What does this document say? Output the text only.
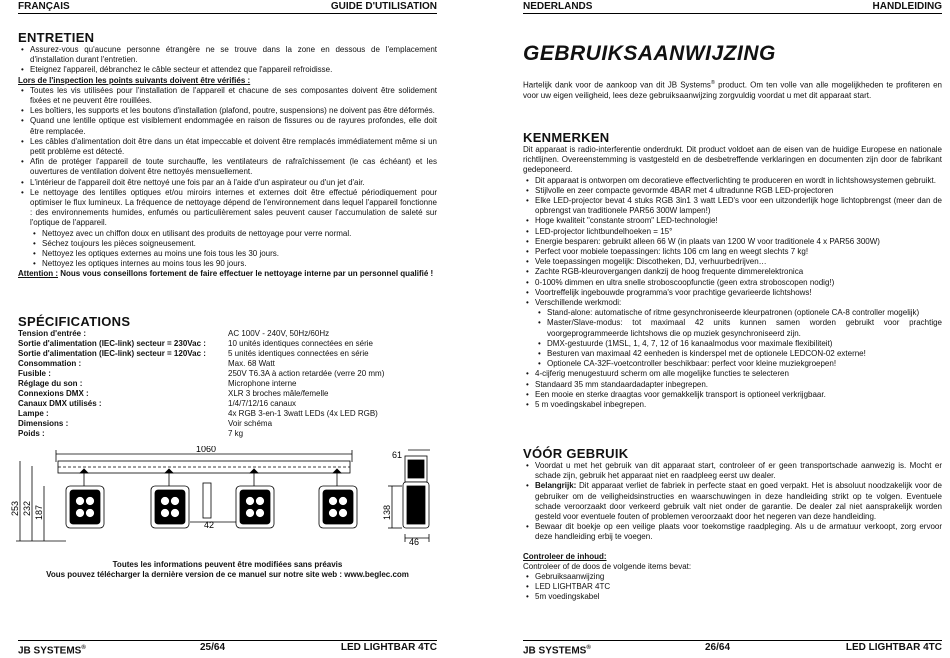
FRANÇAIS	GUIDE D'UTILISATION
ENTRETIEN
• Assurez-vous qu'aucune personne étrangère ne se trouve dans la zone en dessous de l'emplacement d'installation durant l'entretien.
• Eteignez l'appareil, débranchez le câble secteur et attendez que l'appareil refroidisse.
Lors de l'inspection les points suivants doivent être vérifiés :
• Toutes les vis utilisées pour l'installation de l'appareil et chacune de ses composantes doivent être solidement fixées et ne peuvent être rouillées.
• Les boîtiers, les supports et les boutons d'installation (plafond, poutre, suspensions) ne doivent pas être déformés.
• Quand une lentille optique est visiblement endommagée en raison de fissures ou de rayures profondes, elle doit être remplacée.
• Les câbles d'alimentation doit être dans un état impeccable et doivent être remplacés immédiatement même si un petit problème est détecté.
• Afin de protéger l'appareil de toute surchauffe, les ventilateurs de rafraîchissement (le cas échéant) et les ouvertures de ventilation doivent être nettoyés mensuellement.
• L'intérieur de l'appareil doit être nettoyé une fois par an à l'aide d'un aspirateur ou d'un jet d'air.
• Le nettoyage des lentilles optiques et/ou miroirs internes et externes doit être effectué périodiquement pour optimiser le flux lumineux. La fréquence de nettoyage dépend de l'environnement dans lequel l'appareil fonctionne : des environnements humides, enfumés ou particulièrement sales peuvent causer l'accumulation de saleté sur l'optique de l'appareil.
• Nettoyez avec un chiffon doux en utilisant des produits de nettoyage pour verre normal.
• Séchez toujours les pièces soigneusement.
• Nettoyez les optiques externes au moins une fois tous les 30 jours.
• Nettoyez les optiques internes au moins tous les 90 jours.

Attention : Nous vous conseillons fortement de faire effectuer le nettoyage interne par un personnel qualifié !

SPÉCIFICATIONS
Tension d'entrée :	AC 100V - 240V, 50Hz/60Hz
Sortie d'alimentation (IEC-link) secteur = 230Vac :	10 unités identiques connectées en série
Sortie d'alimentation (IEC-link) secteur = 120Vac :	5 unités identiques connectées en série
Consommation :	Max. 68 Watt
Fusible :	250V T6.3A à action retardée (verre 20 mm)
Réglage du son :	Microphone interne
Connexions DMX :	XLR 3 broches mâle/femelle
Canaux DMX utilisés :	1/4/7/12/16 canaux
Lampe :	4x RGB 3-en-1 3watt LEDs (4x LED RGB)
Dimensions :	Voir schéma
Poids :	7 kg
1060
253 232 187
42
61
138
46
Toutes les informations peuvent être modifiées sans préavis
Vous pouvez télécharger la dernière version de ce manuel sur notre site web : www.beglec.com
JB SYSTEMS®	25/64	LED LIGHTBAR 4TC
NEDERLANDS	HANDLEIDING
GEBRUIKSAANWIJZING

Hartelijk dank voor de aankoop van dit JB Systems® product. Om ten volle van alle mogelijkheden te profiteren en voor uw eigen veiligheid, lees deze gebruiksaanwijzing zorgvuldig voordat u met dit apparaat start.

KENMERKEN

Dit apparaat is radio-interferentie onderdrukt. Dit product voldoet aan de eisen van de huidige Europese en nationale richtlijnen. Overeenstemming is vastgesteld en de desbetreffende verklaringen en documenten zijn door de fabrikant gedeponeerd.

• Dit apparaat is ontworpen om decoratieve effectverlichting te produceren en wordt in lichtshowsystemen gebruikt.
• Stijlvolle en zeer compacte gevormde 4BAR met 4 ultradunne RGB LED-projectoren
• Elke LED-projector bevat 4 stuks RGB 3in1 3 watt LED's voor een uitzonderlijk hoge lichtopbrengst (meer dan de opbrengst van traditionele PAR56 300W lampen!)
• Hoge kwaliteit "constante stroom" LED-technologie!
• LED-projector lichtbundelhoeken = 15°
• Energie besparen: gebruikt alleen 66 W (in plaats van 1200 W voor traditionele 4 x PAR56 300W)
• Perfect voor mobiele toepassingen: lichts 106 cm lang en weegt slechts 7 kg!
• Vele toepassingen mogelijk: Discotheken, DJ, verhuurbedrijven…
• Zachte RGB-kleurovergangen dankzij de hoog frequente dimmerelektronica
• 0-100% dimmen en ultra snelle stroboscoopfunctie (geen extra stroboscopen nodig!)
• Voortreffelijk ingebouwde programma's voor prachtige gevarieerde lichtshows!
• Verschillende werkmodi:
• Stand-alone: automatische of ritme gesynchroniseerde kleurpatronen (optionele CA-8 controller mogelijk)
• Master/Slave-modus: tot maximaal 42 units kunnen samen worden gebruikt voor prachtige voorgeprogrammeerde lichtshows die op muziek gesynchroniseerd zijn.
• DMX-gestuurde (1MSL, 1, 4, 7, 12 of 16 kanaalmodus voor maximale flexibiliteit)
• Besturen van maximaal 42 eenheden is kinderspel met de optionele LEDCON-02 externe!
• Optionele CA-32F-voetcontroller beschikbaar: perfect voor kleine muziekgroepen!
• 4-cijferig menugestuurd scherm om alle mogelijke functies te selecteren
• Standaard 35 mm standaardadapter inbegrepen.
• Een mooie en sterke draagtas voor gemakkelijk transport is optioneel verkrijgbaar.
• 5 m voedingskabel inbegrepen.
VÓÓR GEBRUIK
• Voordat u met het gebruik van dit apparaat start, controleer of er geen transportschade aanwezig is. Mocht er schade zijn, gebruik het apparaat niet en raadpleeg eerst uw dealer.
• Belangrijk: Dit apparaat verliet de fabriek in perfecte staat en goed verpakt. Het is absoluut noodzakelijk voor de gebruiker om de veiligheidsinstructies en waarschuwingen in deze handleiding strikt op te volgen. Eventuele schade veroorzaakt door verkeerd gebruik valt niet onder de garantie. De dealer zal niet aansprakelijk worden gesteld voor eventuele fouten of problemen veroorzaakt door het negeren van deze handleiding.
• Bewaar dit boekje op een veilige plaats voor toekomstige raadpleging. Als u de armatuur verkoopt, zorg ervoor deze handleiding erbij te voegen.
Controleer de inhoud:
Controleer of de doos de volgende items bevat:
• Gebruiksaanwijzing
• LED LIGHTBAR 4TC
• 5m voedingskabel
JB SYSTEMS®	26/64	LED LIGHTBAR 4TC
